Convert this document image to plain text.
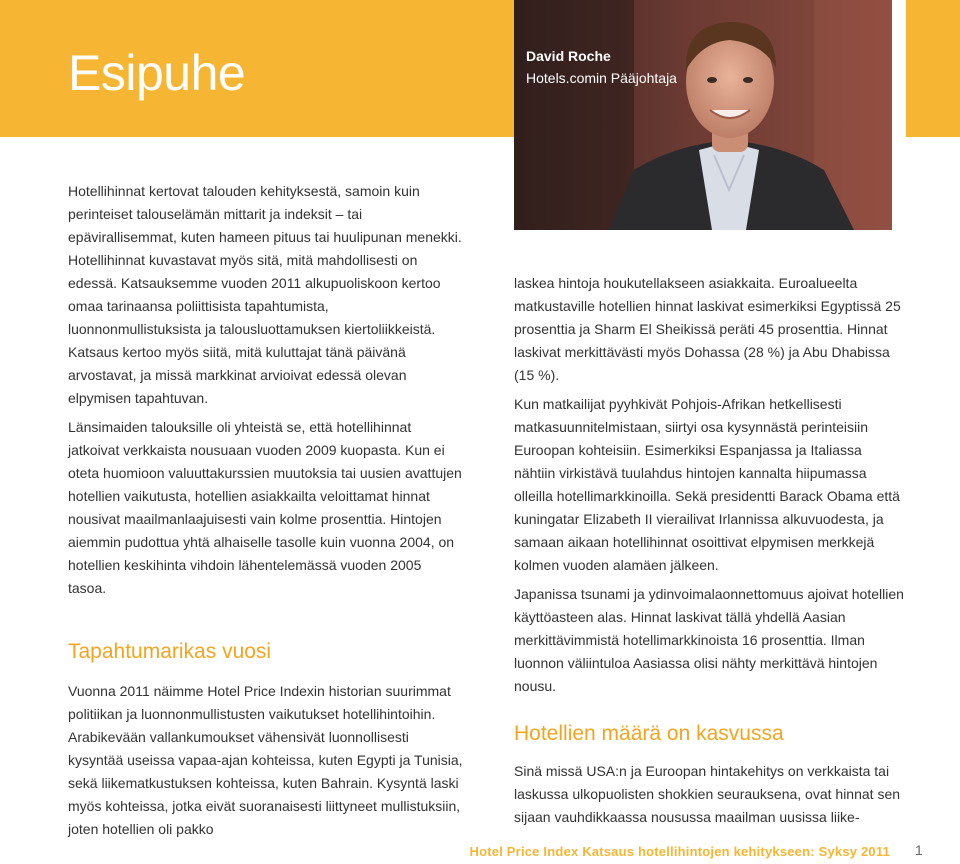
Esipuhe	David Roche
Hotels.comin Pääjohtaja

Hotellihinnat kertovat talouden kehityksestä, samoin kuin perinteiset talouselämän mittarit ja indeksit – tai epävirallisemmat, kuten hameen pituus tai huulipunan menekki. Hotellihinnat kuvastavat myös sitä, mitä mahdollisesti on edessä. Katsauksemme vuoden 2011 alkupuoliskoon kertoo omaa tarinaansa poliittisista tapahtumista, luonnonmullistuksista ja talousluottamuksen kiertoliikkeistä. Katsaus kertoo myös siitä, mitä kuluttajat tänä päivänä arvostavat, ja missä markkinat arvioivat edessä olevan elpymisen tapahtuvan.

Länsimaiden talouksille oli yhteistä se, että hotellihinnat jatkoivat verkkaista nousuaan vuoden 2009 kuopasta. Kun ei oteta huomioon valuuttakurssien muutoksia tai uusien avattujen hotellien vaikutusta, hotellien asiakkailta veloittamat hinnat nousivat maailmanlaajuisesti vain kolme prosenttia. Hintojen aiemmin pudottua yhtä alhaiselle tasolle kuin vuonna 2004, on hotellien keskihinta vihdoin lähentelemässä vuoden 2005 tasoa.

Tapahtumarikas vuosi

Vuonna 2011 näimme Hotel Price Indexin historian suurimmat politiikan ja luonnonmullistusten vaikutukset hotellihintoihin. Arabikevään vallankumoukset vähensivät luonnollisesti kysyntää useissa vapaa-ajan kohteissa, kuten Egypti ja Tunisia, sekä liikematkustuksen kohteissa, kuten Bahrain. Kysyntä laski myös kohteissa, jotka eivät suoranaisesti liittyneet mullistuksiin, joten hotellien oli pakko

laskea hintoja houkutellakseen asiakkaita. Euroalueelta matkustaville hotellien hinnat laskivat esimerkiksi Egyptissä 25 prosenttia ja Sharm El Sheikissä peräti 45 prosenttia. Hinnat laskivat merkittävästi myös Dohassa (28 %) ja Abu Dhabissa (15 %).

Kun matkailijat pyyhkivät Pohjois-Afrikan hetkellisesti matkasuunnitelmistaan, siirtyi osa kysynnästä perinteisiin Euroopan kohteisiin. Esimerkiksi Espanjassa ja Italiassa nähtiin virkistävä tuulahdus hintojen kannalta hiipumassa olleilla hotellimarkkinoilla. Sekä presidentti Barack Obama että kuningatar Elizabeth II vierailivat Irlannissa alkuvuodesta, ja samaan aikaan hotellihinnat osoittivat elpymisen merkkejä kolmen vuoden alamäen jälkeen.

Japanissa tsunami ja ydinvoimalaonnettomuus ajoivat hotellien käyttöasteen alas. Hinnat laskivat tällä yhdellä Aasian merkittävimmistä hotellimarkkinoista 16 prosenttia. Ilman luonnon väliintuloa Aasiassa olisi nähty merkittävä hintojen nousu.

Hotellien määrä on kasvussa

Sinä missä USA:n ja Euroopan hintakehitys on verkkaista tai laskussa ulkopuolisten shokkien seurauksena, ovat hinnat sen sijaan vauhdikkaassa nousussa maailman uusissa liike-

Hotel Price Index Katsaus hotellihintojen kehitykseen: Syksy 2011 1
